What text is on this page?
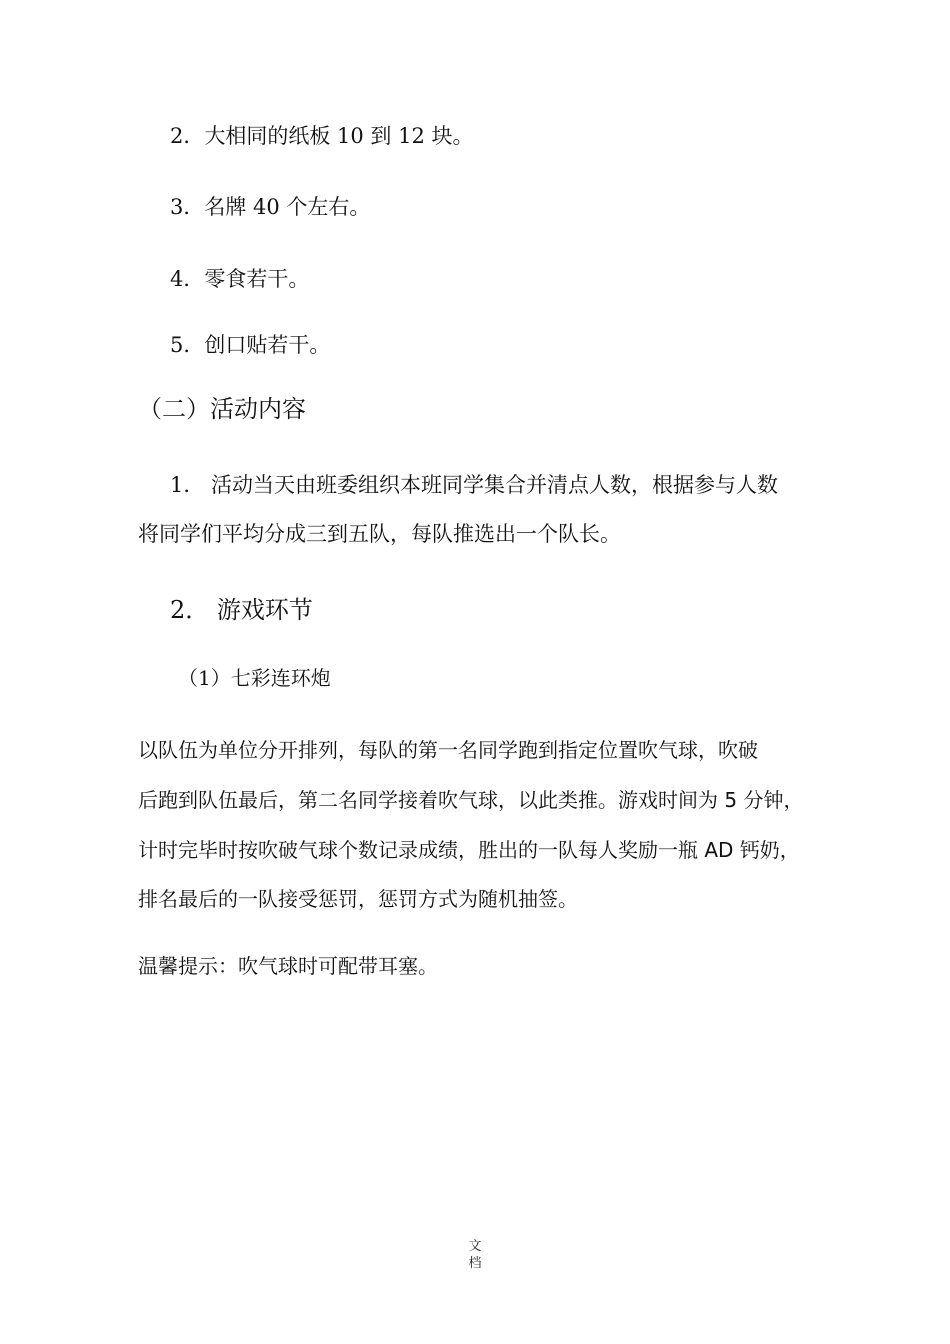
2．大相同的纸板 10 到 12 块。
3．名牌 40 个左右。
4．零食若干。
5．创口贴若干。
（二）活动内容
1． 活动当天由班委组织本班同学集合并清点人数，根据参与人数
将同学们平均分成三到五队，每队推选出一个队长。
2． 游戏环节
（1）七彩连环炮
以队伍为单位分开排列，每队的第一名同学跑到指定位置吹气球，吹破
后跑到队伍最后，第二名同学接着吹气球，以此类推。游戏时间为 5 分钟，
计时完毕时按吹破气球个数记录成绩，胜出的一队每人奖励一瓶 AD 钙奶，
排名最后的一队接受惩罚，惩罚方式为随机抽签。
温馨提示：吹气球时可配带耳塞。
文
档
